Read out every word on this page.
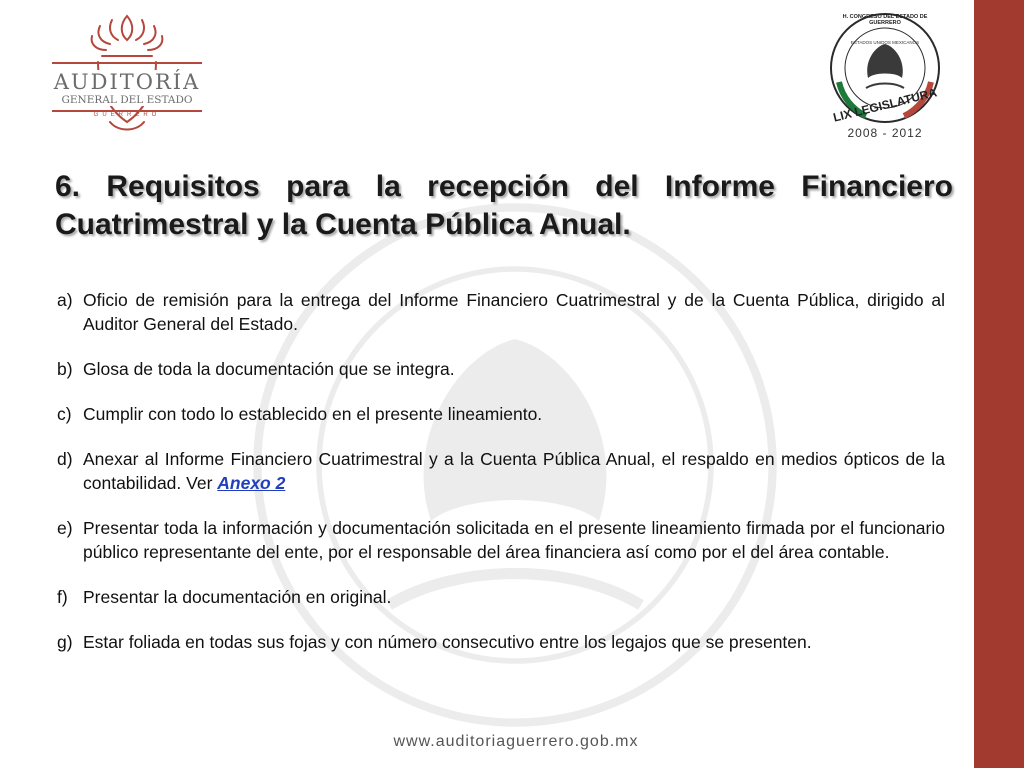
AUDITORÍA
GENERAL DEL ESTADO
GUERRERO
H. CONGRESO DEL ESTADO DE GUERRERO
ESTADOS UNIDOS MEXICANOS
LIX LEGISLATURA
2008 - 2012
6. Requisitos para la recepción del Informe Financiero Cuatrimestral y la Cuenta Pública Anual.
a) Oficio de remisión para la entrega del Informe Financiero Cuatrimestral y de la Cuenta Pública, dirigido al Auditor General del Estado.
b) Glosa de toda la documentación que se integra.
c) Cumplir con todo lo establecido en el presente lineamiento.
d) Anexar al Informe Financiero Cuatrimestral y a la Cuenta Pública Anual, el respaldo en medios ópticos de la contabilidad. Ver Anexo 2
e) Presentar toda la información y documentación solicitada en el presente lineamiento firmada por el funcionario público representante del ente, por el responsable del área financiera así como por el del área contable.
f) Presentar la documentación en original.
g) Estar foliada en todas sus fojas y con número consecutivo entre los legajos que se presenten.
www.auditoriaguerrero.gob.mx
